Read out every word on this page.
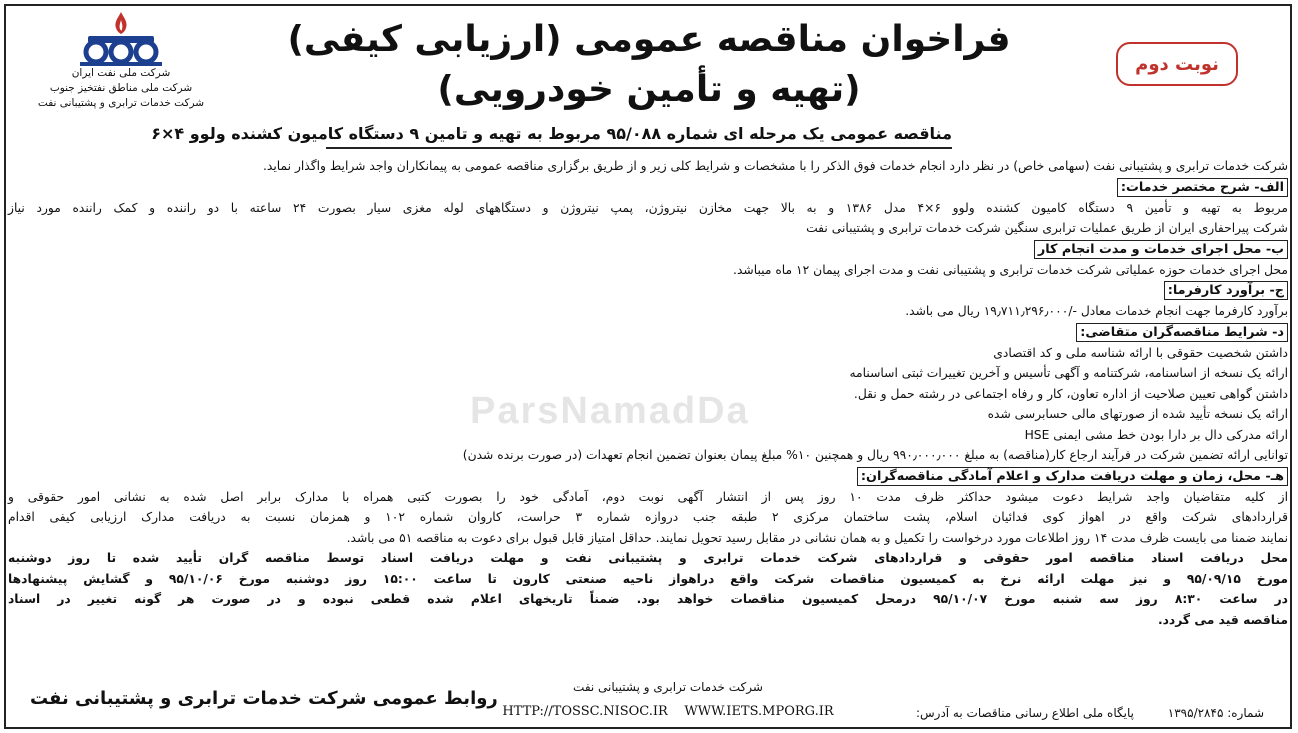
شرکت ملی نفت ایران
شرکت ملی مناطق نفتخیز جنوب
شرکت خدمات ترابری و پشتیبانی نفت
فراخوان مناقصه عمومی (ارزیابی کیفی)
(تهیه و تأمین خودرویی)
نوبت دوم
مناقصه عمومی یک مرحله ای شماره ۹۵/۰۸۸ مربوط به تهیه و تامین ۹ دستگاه کامیون کشنده ولوو ۴×۶
ParsNamadDa

شرکت خدمات ترابری و پشتیبانی نفت (سهامی خاص) در نظر دارد انجام خدمات فوق الذکر را با مشخصات و شرایط کلی زیر و از طریق برگزاری مناقصه عمومی به پیمانکاران واجد شرایط واگذار نماید.

الف- شرح مختصر خدمات:

مربوط به تهیه و تأمین ۹ دستگاه کامیون کشنده ولوو ۶×۴ مدل ۱۳۸۶ و به بالا جهت مخازن نیتروژن، پمپ نیتروژن و دستگاههای لوله مغزی سیار بصورت ۲۴ ساعته با دو راننده و کمک راننده مورد نیاز

شرکت پیراحفاری ایران از طریق عملیات ترابری سنگین شرکت خدمات ترابری و پشتیبانی نفت

ب- محل اجرای خدمات و مدت انجام کار

محل اجرای خدمات حوزه عملیاتی شرکت خدمات ترابری و پشتیبانی نفت و مدت اجرای پیمان ۱۲ ماه میباشد.

ج- برآورد کارفرما:

برآورد کارفرما جهت انجام خدمات معادل -/۱۹٫۷۱۱٫۲۹۶٫۰۰۰ ریال می باشد.

د- شرایط مناقصه‌گران متقاضی:

داشتن شخصیت حقوقی با ارائه شناسه ملی و کد اقتصادی

ارائه یک نسخه از اساسنامه، شرکتنامه و آگهی تأسیس و آخرین تغییرات ثبتی اساسنامه

داشتن گواهی تعیین صلاحیت از اداره تعاون، کار و رفاه اجتماعی در رشته حمل و نقل.

ارائه یک نسخه تأیید شده از صورتهای مالی حسابرسی شده

ارائه مدرکی دال بر دارا بودن خط مشی ایمنی HSE

توانایی ارائه تضمین شرکت در فرآیند ارجاع کار(مناقصه) به مبلغ ۹۹۰٫۰۰۰٫۰۰۰ ریال و همچنین ۱۰% مبلغ پیمان بعنوان تضمین انجام تعهدات (در صورت برنده شدن)

هـ- محل، زمان و مهلت دریافت مدارک و اعلام آمادگی مناقصه‌گران:

از کلیه متقاضیان واجد شرایط دعوت میشود حداکثر ظرف مدت ۱۰ روز پس از انتشار آگهی نوبت دوم، آمادگی خود را بصورت کتبی همراه با مدارک برابر اصل شده به نشانی امور حقوقی و

قراردادهای شرکت واقع در اهواز کوی فدائیان اسلام، پشت ساختمان مرکزی ۲ طبقه جنب دروازه شماره ۳ حراست، کاروان شماره ۱۰۲ و همزمان نسبت به دریافت مدارک ارزیابی کیفی اقدام

نمایند ضمنا می بایست ظرف مدت ۱۴ روز اطلاعات مورد درخواست را تکمیل و به همان نشانی در مقابل رسید تحویل نمایند. حداقل امتیاز قابل قبول برای دعوت به مناقصه ۵۱ می باشد.

محل دریافت اسناد مناقصه امور حقوقی و قراردادهای شرکت خدمات ترابری و پشتیبانی نفت و مهلت دریافت اسناد توسط مناقصه گران تأیید شده تا روز دوشنبه

مورخ ۹۵/۰۹/۱۵ و نیز مهلت ارائه نرخ به کمیسیون مناقصات شرکت واقع دراهواز ناحیه صنعتی کارون تا ساعت ۱۵:۰۰ روز دوشنبه مورخ ۹۵/۱۰/۰۶ و گشایش پیشنهادها

در ساعت ۸:۳۰ روز سه شنبه مورخ ۹۵/۱۰/۰۷ درمحل کمیسیون مناقصات خواهد بود. ضمناً تاریخهای اعلام شده قطعی نبوده و در صورت هر گونه تغییر در اسناد

مناقصه قید می گردد.

شرکت خدمات ترابری و پشتیبانی نفت
HTTP://TOSSC.NISOC.IR WWW.IETS.MPORG.IR	شماره: ۱۳۹۵/۲۸۴۵ پایگاه ملی اطلاع رسانی مناقصات به آدرس:
روابط عمومی شرکت خدمات ترابری و پشتیبانی نفت
